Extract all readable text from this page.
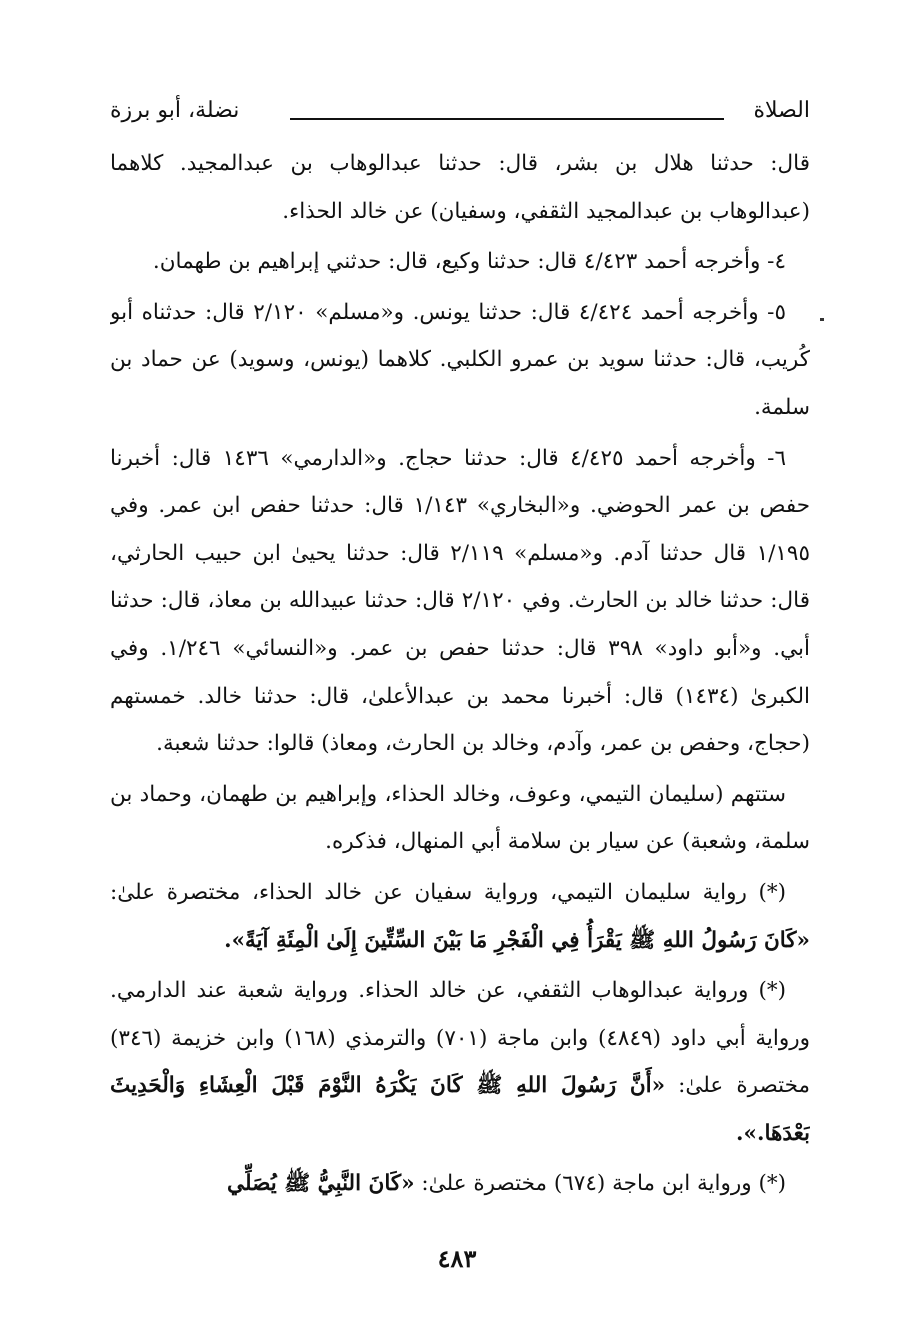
الصلاة
نضلة، أبو برزة

قال: حدثنا هلال بن بشر، قال: حدثنا عبدالوهاب بن عبدالمجيد. كلاهما (عبدالوهاب بن عبدالمجيد الثقفي، وسفيان) عن خالد الحذاء.

٤- وأخرجه أحمد ٤/٤٢٣ قال: حدثنا وكيع، قال: حدثني إبراهيم بن طهمان.

٥- وأخرجه أحمد ٤/٤٢٤ قال: حدثنا يونس. و«مسلم» ٢/١٢٠ قال: حدثناه أبو كُريب، قال: حدثنا سويد بن عمرو الكلبي. كلاهما (يونس، وسويد) عن حماد بن سلمة.

٦- وأخرجه أحمد ٤/٤٢٥ قال: حدثنا حجاج. و«الدارمي» ١٤٣٦ قال: أخبرنا حفص بن عمر الحوضي. و«البخاري» ١/١٤٣ قال: حدثنا حفص ابن عمر. وفي ١/١٩٥ قال حدثنا آدم. و«مسلم» ٢/١١٩ قال: حدثنا يحيىٰ ابن حبيب الحارثي، قال: حدثنا خالد بن الحارث. وفي ٢/١٢٠ قال: حدثنا عبيدالله بن معاذ، قال: حدثنا أبي. و«أبو داود» ٣٩٨ قال: حدثنا حفص بن عمر. و«النسائي» ١/٢٤٦. وفي الكبرىٰ (١٤٣٤) قال: أخبرنا محمد بن عبدالأعلىٰ، قال: حدثنا خالد. خمستهم (حجاج، وحفص بن عمر، وآدم، وخالد بن الحارث، ومعاذ) قالوا: حدثنا شعبة.

ستتهم (سليمان التيمي، وعوف، وخالد الحذاء، وإبراهيم بن طهمان، وحماد بن سلمة، وشعبة) عن سيار بن سلامة أبي المنهال، فذكره.

(*) رواية سليمان التيمي، ورواية سفيان عن خالد الحذاء، مختصرة علىٰ: «كَانَ رَسُولُ اللهِ ﷺ يَقْرَأُ فِي الْفَجْرِ مَا بَيْنَ السِّتِّينَ إِلَىٰ الْمِئَةِ آيَةً».

(*) ورواية عبدالوهاب الثقفي، عن خالد الحذاء. ورواية شعبة عند الدارمي. ورواية أبي داود (٤٨٤٩) وابن ماجة (٧٠١) والترمذي (١٦٨) وابن خزيمة (٣٤٦) مختصرة علىٰ: «أَنَّ رَسُولَ اللهِ ﷺ كَانَ يَكْرَهُ النَّوْمَ قَبْلَ الْعِشَاءِ وَالْحَدِيثَ بَعْدَهَا.».

(*) ورواية ابن ماجة (٦٧٤) مختصرة علىٰ: «كَانَ النَّبِيُّ ﷺ يُصَلِّي

٤٨٣
